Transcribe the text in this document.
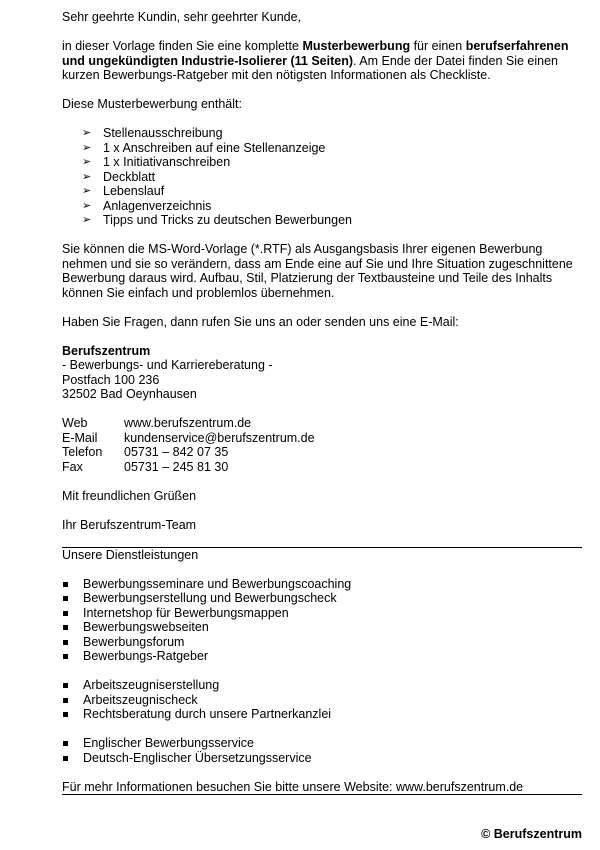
Sehr geehrte Kundin, sehr geehrter Kunde,

in dieser Vorlage finden Sie eine komplette Musterbewerbung für einen berufserfahrenen und ungekündigten Industrie-Isolierer (11 Seiten). Am Ende der Datei finden Sie einen kurzen Bewerbungs-Ratgeber mit den nötigsten Informationen als Checkliste.

Diese Musterbewerbung enthält:

➢ Stellenausschreibung
➢ 1 x Anschreiben auf eine Stellenanzeige
➢ 1 x Initiativanschreiben
➢ Deckblatt
➢ Lebenslauf
➢ Anlagenverzeichnis
➢ Tipps und Tricks zu deutschen Bewerbungen

Sie können die MS-Word-Vorlage (*.RTF) als Ausgangsbasis Ihrer eigenen Bewerbung nehmen und sie so verändern, dass am Ende eine auf Sie und Ihre Situation zugeschnittene Bewerbung daraus wird. Aufbau, Stil, Platzierung der Textbausteine und Teile des Inhalts können Sie einfach und problemlos übernehmen.

Haben Sie Fragen, dann rufen Sie uns an oder senden uns eine E-Mail:

Berufszentrum

- Bewerbungs- und Karriereberatung -

Postfach 100 236

32502 Bad Oeynhausen

Web	www.berufszentrum.de
E-Mail	kundenservice@berufszentrum.de
Telefon	05731 – 842 07 35
Fax	05731 – 245 81 30

Mit freundlichen Grüßen

Ihr Berufszentrum-Team

Unsere Dienstleistungen

Bewerbungsseminare und Bewerbungscoaching
Bewerbungserstellung und Bewerbungscheck
Internetshop für Bewerbungsmappen
Bewerbungswebseiten
Bewerbungsforum
Bewerbungs-Ratgeber
Arbeitszeugniserstellung
Arbeitszeugnischeck
Rechtsberatung durch unsere Partnerkanzlei
Englischer Bewerbungsservice
Deutsch-Englischer Übersetzungsservice

Für mehr Informationen besuchen Sie bitte unsere Website: www.berufszentrum.de

© Berufszentrum
